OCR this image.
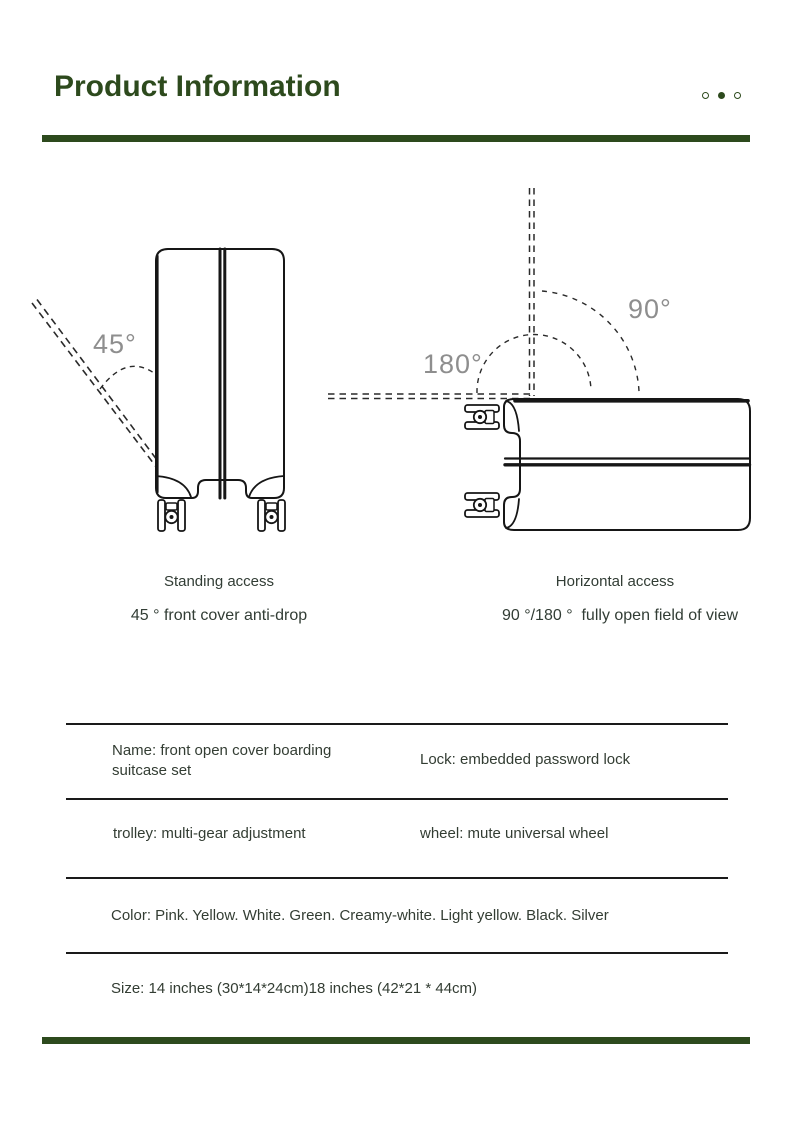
Product Information
45°
90°
180°
Standing access
45 ° front cover anti-drop
Horizontal access
90 °/180 °  fully open field of view
Name: front open cover boarding suitcase set
Lock: embedded password lock
trolley: multi-gear adjustment	wheel: mute universal wheel
Color: Pink. Yellow. White. Green. Creamy-white. Light yellow. Black. Silver
Size: 14 inches (30*14*24cm)18 inches (42*21 * 44cm)
